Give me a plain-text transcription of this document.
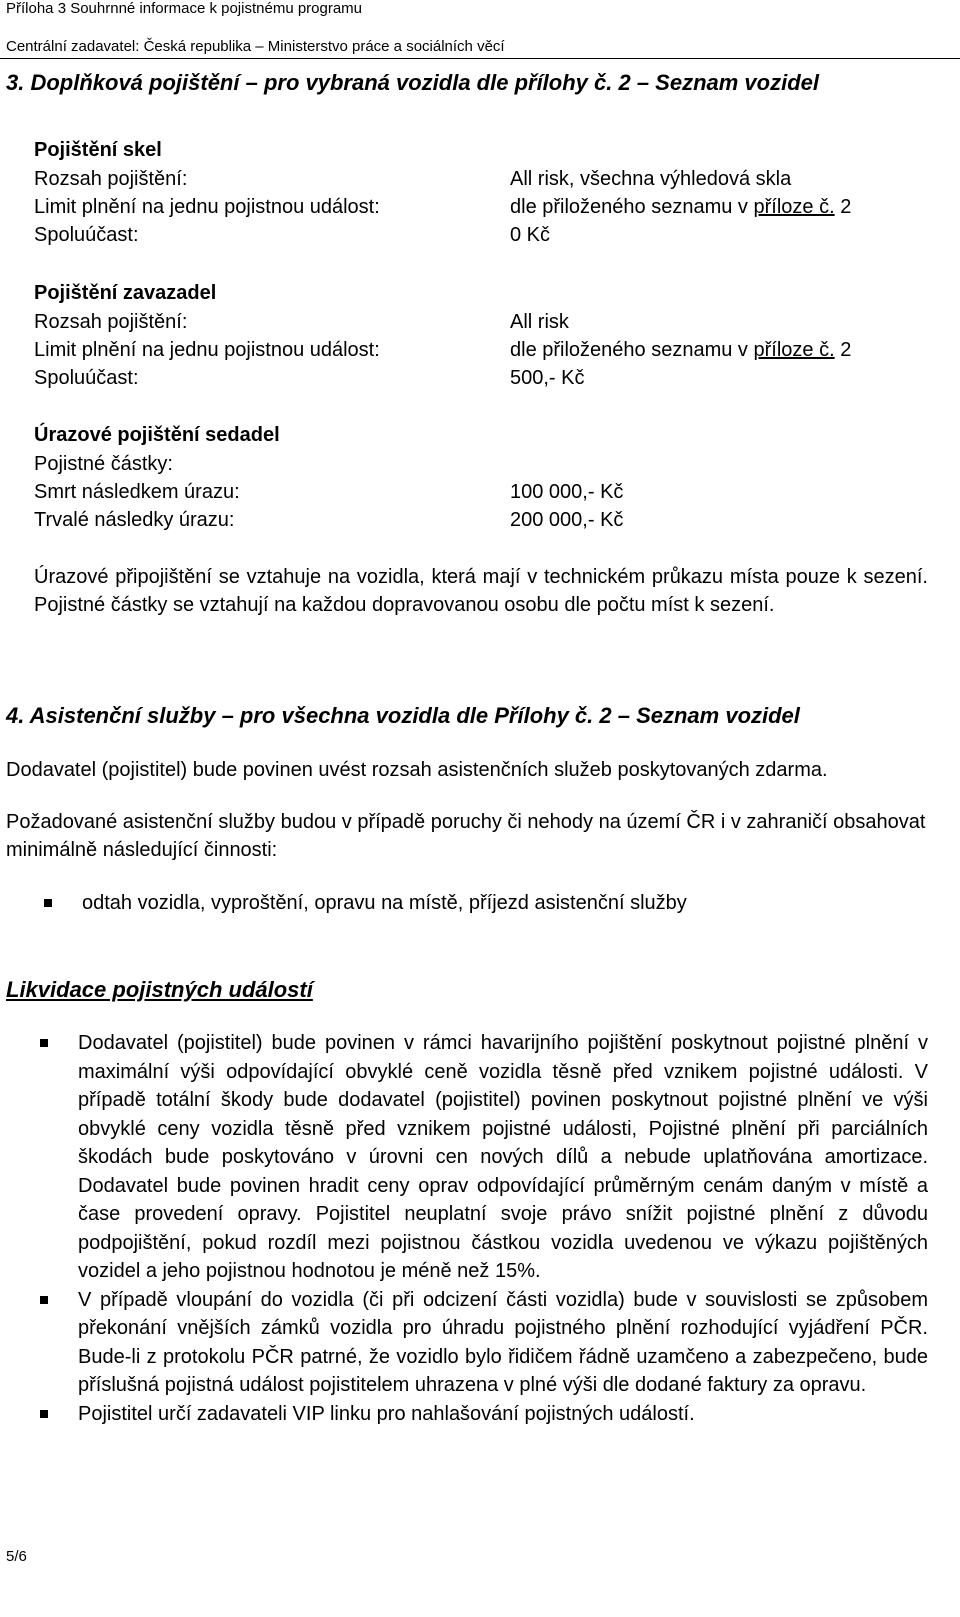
Příloha 3 Souhrnné informace k pojistnému programu
Centrální zadavatel: Česká republika – Ministerstvo práce a sociálních věcí
3. Doplňková pojištění – pro vybraná vozidla dle přílohy č. 2 – Seznam vozidel
Pojištění skel
Rozsah pojištění:	All risk, všechna výhledová skla
Limit plnění na jednu pojistnou událost:	dle přiloženého seznamu v příloze č. 2
Spoluúčast:	0 Kč
Pojištění zavazadel
Rozsah pojištění:	All risk
Limit plnění na jednu pojistnou událost:	dle přiloženého seznamu v příloze č. 2
Spoluúčast:	500,- Kč
Úrazové pojištění sedadel
Pojistné částky:
Smrt následkem úrazu:	100 000,- Kč
Trvalé následky úrazu:	200 000,- Kč
Úrazové připojištění se vztahuje na vozidla, která mají v technickém průkazu místa pouze k sezení. Pojistné částky se vztahují na každou dopravovanou osobu dle počtu míst k sezení.
4. Asistenční služby – pro všechna vozidla dle Přílohy č. 2 – Seznam vozidel
Dodavatel (pojistitel) bude povinen uvést rozsah asistenčních služeb poskytovaných zdarma.
Požadované asistenční služby budou v případě poruchy či nehody na území ČR i v zahraničí obsahovat minimálně následující činnosti:
odtah vozidla, vyproštění, opravu na místě, příjezd asistenční služby
Likvidace pojistných událostí
Dodavatel (pojistitel) bude povinen v rámci havarijního pojištění poskytnout pojistné plnění v maximální výši odpovídající obvyklé ceně vozidla těsně před vznikem pojistné události. V případě totální škody bude dodavatel (pojistitel) povinen poskytnout pojistné plnění ve výši obvyklé ceny vozidla těsně před vznikem pojistné události, Pojistné plnění při parciálních škodách bude poskytováno v úrovni cen nových dílů a nebude uplatňována amortizace. Dodavatel bude povinen hradit ceny oprav odpovídající průměrným cenám daným v místě a čase provedení opravy. Pojistitel neuplatní svoje právo snížit pojistné plnění z důvodu podpojištění, pokud rozdíl mezi pojistnou částkou vozidla uvedenou ve výkazu pojištěných vozidel a jeho pojistnou hodnotou je méně než 15%.
V případě vloupání do vozidla (či při odcizení části vozidla) bude v souvislosti se způsobem překonání vnějších zámků vozidla pro úhradu pojistného plnění rozhodující vyjádření PČR. Bude-li z protokolu PČR patrné, že vozidlo bylo řidičem řádně uzamčeno a zabezpečeno, bude příslušná pojistná událost pojistitelem uhrazena v plné výši dle dodané faktury za opravu.
Pojistitel určí zadavateli VIP linku pro nahlašování pojistných událostí.
5/6
